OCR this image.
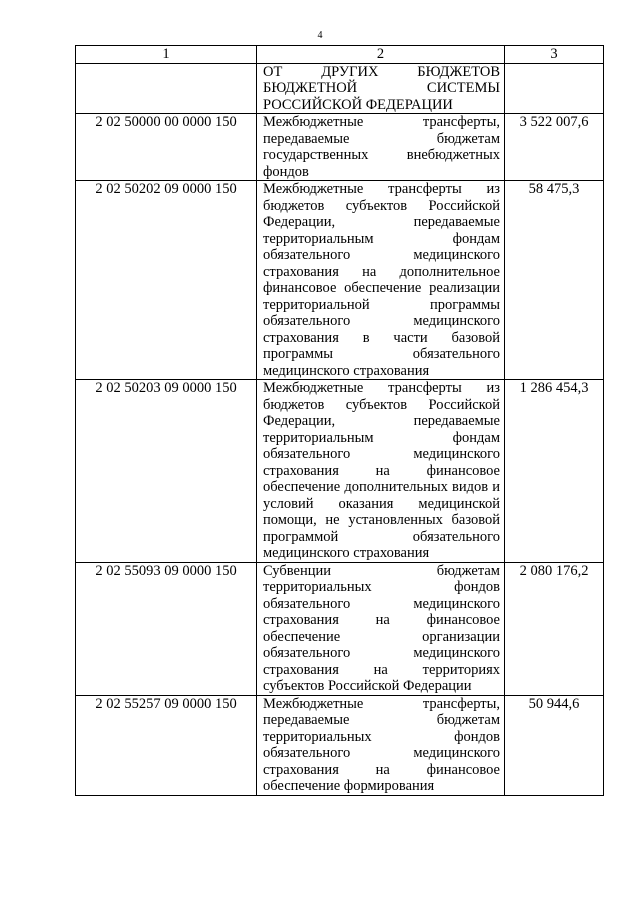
4
1	2	3

	ОТ ДРУГИХ БЮДЖЕТОВ БЮДЖЕТНОЙ СИСТЕМЫ РОССИЙСКОЙ ФЕДЕРАЦИИ	

2 02 50000 00 0000 150	Межбюджетные трансферты, передаваемые бюджетам государственных внебюджетных фондов	3 522 007,6
2 02 50202 09 0000 150	Межбюджетные трансферты из бюджетов субъектов Российской Федерации, передаваемые территориальным фондам обязательного медицинского страхования на дополнительное финансовое обеспечение реализации территориальной программы обязательного медицинского страхования в части базовой программы обязательного медицинского страхования	58 475,3
2 02 50203 09 0000 150	Межбюджетные трансферты из бюджетов субъектов Российской Федерации, передаваемые территориальным фондам обязательного медицинского страхования на финансовое обеспечение дополнительных видов и условий оказания медицинской помощи, не установленных базовой программой обязательного медицинского страхования	1 286 454,3
2 02 55093 09 0000 150	Субвенции бюджетам территориальных фондов обязательного медицинского страхования на финансовое обеспечение организации обязательного медицинского страхования на территориях субъектов Российской Федерации	2 080 176,2
2 02 55257 09 0000 150	Межбюджетные трансферты, передаваемые бюджетам территориальных фондов обязательного медицинского страхования на финансовое обеспечение формирования	50 944,6
